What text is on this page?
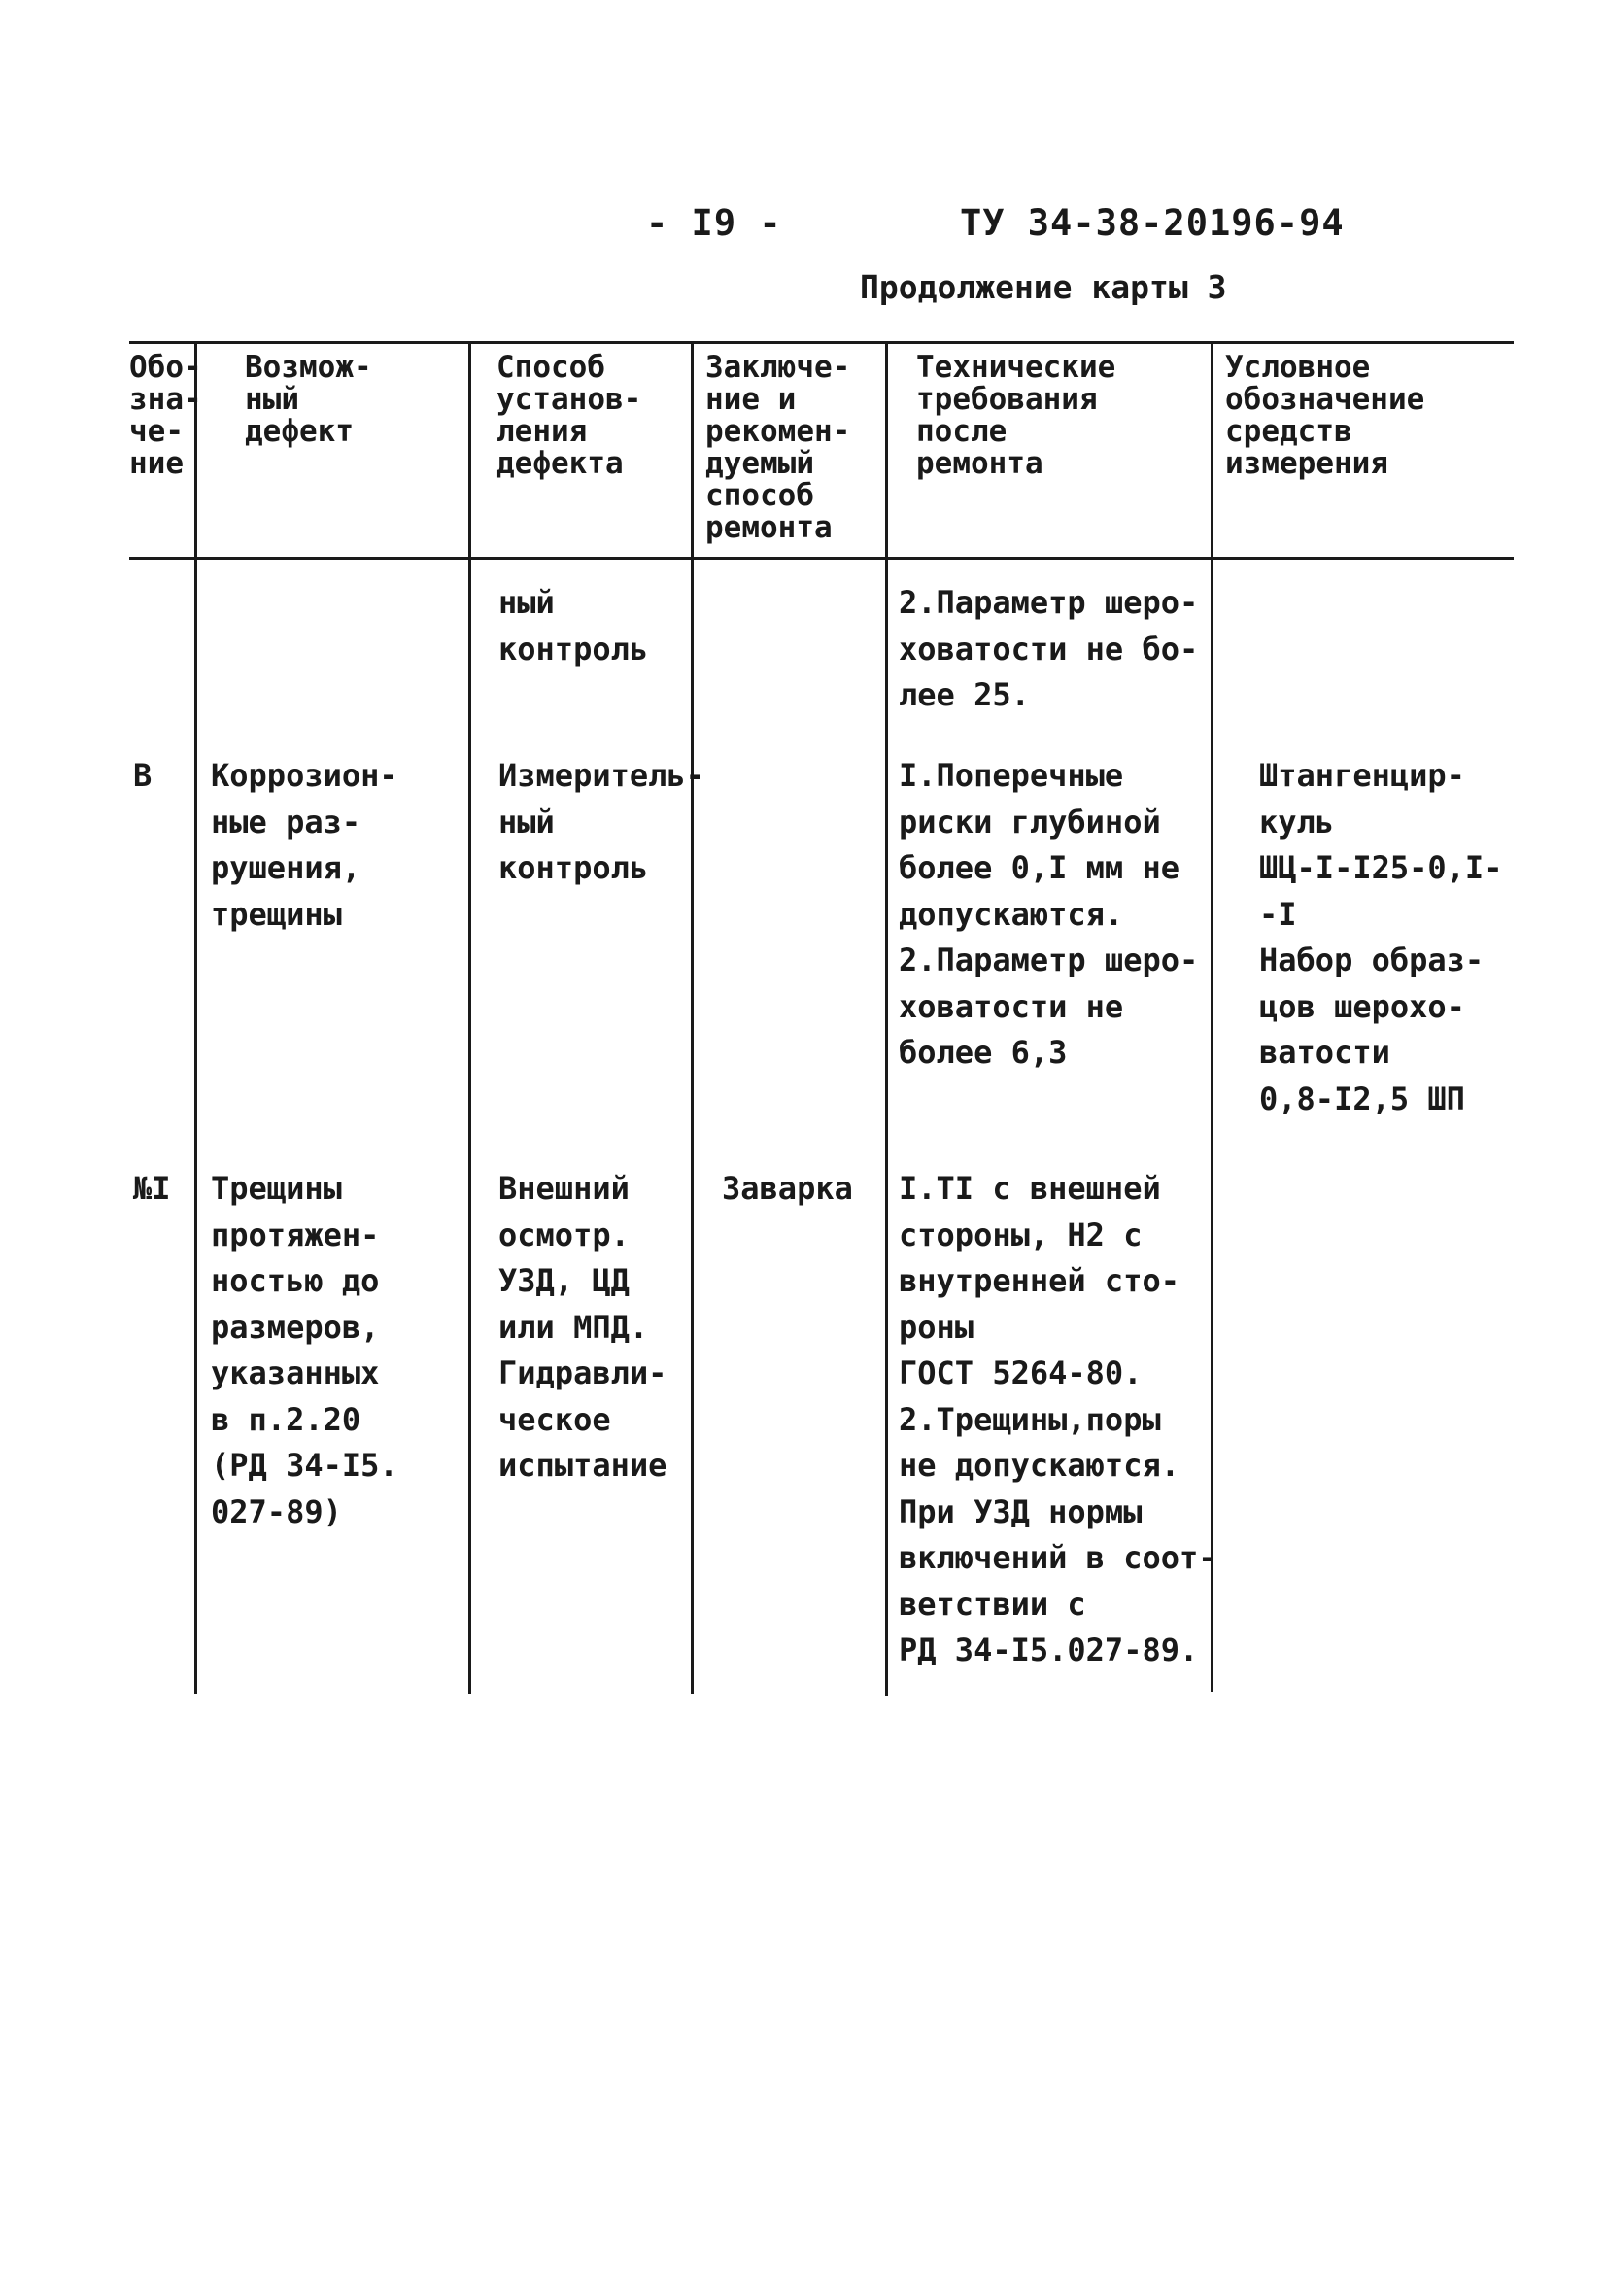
- I9 -	ТУ 34-38-20196-94
Продолжение карты 3
Обо-
зна-
че-
ние
Возмож-
ный
дефект
Способ
установ-
ления
дефекта
Заключе-
ние и
рекомен-
дуемый
способ
ремонта
Технические
требования
после
ремонта
Условное
обозначение
средств
измерения
ный
контроль
2.Параметр шеро-
ховатости не бо-
лее 25.
В Коррозион-
ные раз-
рушения,
трещины
Измеритель-
ный
контроль
I.Поперечные
риски глубиной
более 0,I мм не
допускаются.
2.Параметр шеро-
ховатости не
более 6,3
Штангенцир-
куль
ШЦ-I-I25-0,I-
-I
Набор образ-
цов шерохо-
ватости
0,8-I2,5 ШП
№I Трещины
протяжен-
ностью до
размеров,
указанных
в п.2.20
(РД 34-I5.
027-89)
Внешний
осмотр.
УЗД, ЦД
или МПД.
Гидравли-
ческое
испытание
Заварка I.TI с внешней
стороны, Н2 с
внутренней сто-
роны
ГОСТ 5264-80.
2.Трещины,поры
не допускаются.
При УЗД нормы
включений в соот-
ветствии с
РД 34-I5.027-89.
